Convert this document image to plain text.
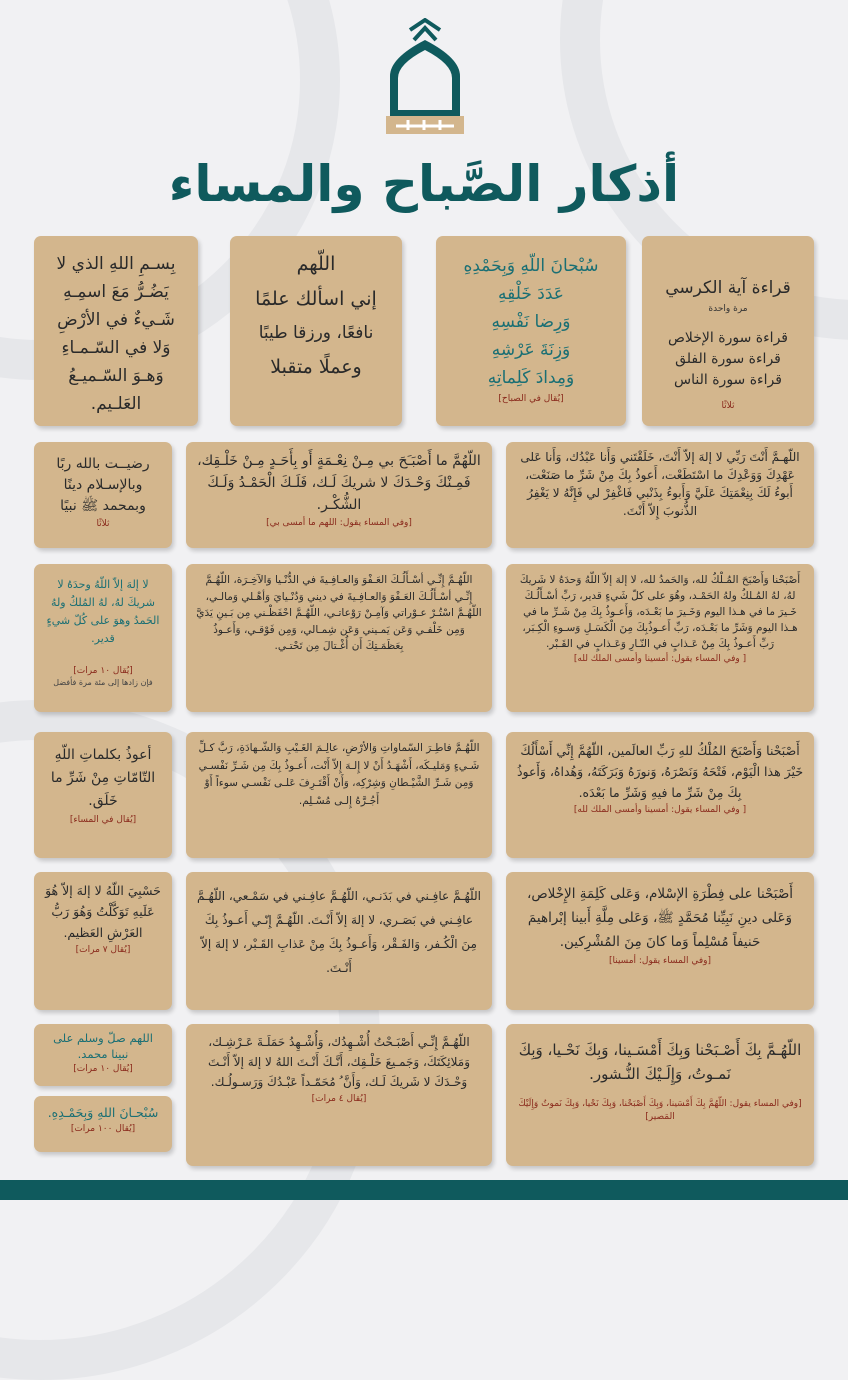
أذكار الصَّباح والمساء
قراءة آية الكرسي
مرة واحدة
قراءة سورة الإخلاص
قراءة سورة الفلق
قراءة سورة الناس
ثلاثًا
سُبْحانَ اللّهِ وَبِحَمْدِهِ
عَدَدَ خَلْقِهِ
وَرِضا نَفْسِهِ
وَزِنَةَ عَرْشِهِ
وَمِدادَ كَلِماتِهِ
[يُقال في الصباح]
اللّهم
إني اسألك علمًا
نافعًا، ورزقا طيبًا
وعملًا متقبلا
بِسـمِ اللهِ الذي لا يَضُـرُّ مَعَ اسمِـهِ شَـيءٌ في الأرْضِ وَلا في السّـمـاءِ وَهـوَ السّـميـعُ العَلـيم.
اللّهـمَّ أَنْتَ رَبِّي لا إلهَ إلاّ أَنْتَ، خَلَقْتَني وَأَنا عَبْدُك، وَأَنا عَلى عَهْدِكَ وَوَعْدِكَ ما اسْتَطَعْت، أَعوذُ بِكَ مِنْ شَرِّ ما صَنَعْت، أَبوءُ لَكَ بِنِعْمَتِكَ عَلَيَّ وَأَبوءُ بِذَنْبي فَاغْفِرْ لي فَإِنَّهُ لا يَغْفِرُ الذُّنوبَ إِلاّ أَنْتَ.
اللّهُمَّ ما أَصْبَـَحَ بي مِـنْ نِعْـمَةٍ أَو بِأَحَـدٍ مِـنْ خَلْـقِك، فَمِـنْكَ وَحْـدَكَ لا شريكَ لَـك، فَلَـكَ الْحَمْـدُ وَلَـكَ الشُّكْـر.
[وفي المساء يقول: اللهم ما أمسى بي]
رضيــت بالله ربًا وبالإسـلام دينًا وبمحمد ﷺ نبيًا
ثلاثًا
أَصْبَحْنا وَأَصْبَحَ المُـلْكُ لله، وَالحَمدُ لله، لا إلهَ إلاّ اللّهُ وَحدَهُ لا شَريكَ لهُ، لهُ المُـلكُ ولهُ الحَمْـد، وهُوَ على كلّ شَيءٍ قدير، رَبِّ أسْـأَلُـكَ خَـيرَ ما في هـذا اليوم وَخَـيرَ ما بَعْـدَه، وَأَعـوذُ بِكَ مِنْ شَـرِّ ما في هـذا اليوم وَشَرِّ ما بَعْـدَه، رَبِّ أَعـوذُبِكَ مِنَ الْكَسَـلِ وَسـوءِ الْكِـبَر، رَبِّ أَعـوذُ بِكَ مِنْ عَـذابٍ في النّـارِ وَعَـذابٍ في القَـبْر.
[ وفي المساء يقول: أمسينا وأمسى الملك لله]
اللّهُـمَّ إِنِّـي أسْـأَلُـكَ العَـفْوَ وَالعـافِـيةَ في الدُّنْـيا وَالآخِـرَة، اللّهُـمَّ إِنِّـي أسْـأَلُـكَ العَـفْوَ وَالعـافِـيةَ في ديني وَدُنْـيايَ وَأهْـلي وَمالـي، اللّهُـمَّ اسْتُـرْ عـوْراتي وَآمِـنْ رَوْعاتـي، اللّهُـمَّ احْفَظْـني مِن بَـينِ يَدَيَّ وَمِن خَلْفـي وَعَن يَمـيني وَعَن شِمـالي، وَمِن فَوْقـي، وَأَعـوذُ بِعَظَمَـتِكَ أَن أُغْـتالَ مِن تَحْتـي.
لا إلهَ إلاّ اللّهُ وحدَهُ لا شريكَ لهُ، لهُ المُلكُ ولهُ الحَمدُ وهوَ على كُلّ شيءٍ قدير.
[يُقال ١٠ مرات]
فإن زادها إلى مئة مرة فأفضل
أَصْبَحْنا وَأَصْبَحَ المُلْكُ للهِ رَبِّ العالَمين، اللّهُمَّ إِنِّي أَسْأَلُكَ خَيْرَ هذا الْيَوْم، فَتْحَهُ وَنَصْرَهُ، وَنورَهُ وَبَرَكَتَهُ، وَهُداهُ، وَأَعوذُ بِكَ مِنْ شَرِّ ما فيهِ وَشَرِّ ما بَعْدَه.
[ وفي المساء يقول: أمسينا وأمسى الملك لله]
اللّهُـمَّ فاطِـرَ السّماواتِ وَالأرْضِ، عالِـمَ الغَـيْبِ وَالشّـهادَةِ، رَبَّ كـلِّ شَـيءٍ وَمَليـكَه، أَشْهَـدُ أَنْ لا إِلـهَ إِلاّ أَنْت، أَعـوذُ بِكَ مِن شَـرِّ نَفْسـي وَمِن شَـرِّ الشَّيْـطانِ وَشِرْكِه، وَأَنْ أَقْتَـرِفَ عَلـى نَفْسـي سوءاً أَوْ أَجُـرَّهُ إِلـى مُسْـلِم.
أعوذُ بكلماتِ اللّهِ التّامّاتِ مِنْ شَرِّ ما خَلَق.
[يُقال في المساء]
أَصْبَحْنا على فِطْرَةِ الإسْلام، وَعَلى كَلِمَةِ الإِخْلاص، وَعَلى دينِ نَبِيِّنا مُحَمَّدٍ ﷺ، وَعَلى مِلَّةِ أَبينا إبْراهيمَ حَنيفاً مُسْلِماً وَما كانَ مِنَ المُشْرِكين.
[وفي المساء يقول: أمسينا]
اللّهُـمَّ عافِـني في بَدَنـي، اللّهُـمَّ عافِـني في سَمْـعي، اللّهُـمَّ عافِـني في بَصَـري، لا إلهَ إلاّ أَنْـتَ. اللّهُـمَّ إِنّـي أَعـوذُ بِكَ مِنَ الْكُـفر، وَالفَـقْر، وَأَعـوذُ بِكَ مِنْ عَذابِ القَـبْر، لا إلهَ إلاّ أَنْـتَ.
حَسْبِيَ اللّهُ لا إلهَ إلاّ هُوَ عَلَيهِ تَوَكَّلْتُ وَهُوَ رَبُّ العَرْشِ العَظيم.
[يُقال ٧ مرات]
اللّهُـمَّ بِكَ أَصْـبَحْنا وَبِكَ أَمْسَـينا، وَبِكَ نَحْـيا، وَبِكَ نَمـوتُ، وَإِلَـيْكَ النُّـشور.
[وفي المساء يقول: اللّهُمَّ بِكَ أَمْسَينا، وَبِكَ أَصْبَحْنا، وَبِكَ نَحْيا، وَبِكَ نَموتُ وَإِلَيْكَ المَصير]
اللّهُـمَّ إِنِّـي أَصْبَـحْتُ أُشْـهِدُك، وَأُشْـهِدُ حَمَلَـةَ عَـرْشِـك، وَمَلائِكَتَكَ، وَجَمـيعَ خَلْـقِك، أَنَّـكَ أَنْـتَ اللهُ لا إلهَ إلاّ أَنْـتَ وَحْـدَكَ لا شَريكَ لَـك، وَأَنَّ ُ مُحَمّـداً عَبْـدُكَ وَرَسـولُـك.
[يُقال ٤ مرات]
اللهم صلّ وسلم على نبينا محمد.
[يُقال ١٠ مرات]
سُبْحـانَ اللهِ وَبِحَمْـدِهِ.
[يُقال ١٠٠ مرات]
